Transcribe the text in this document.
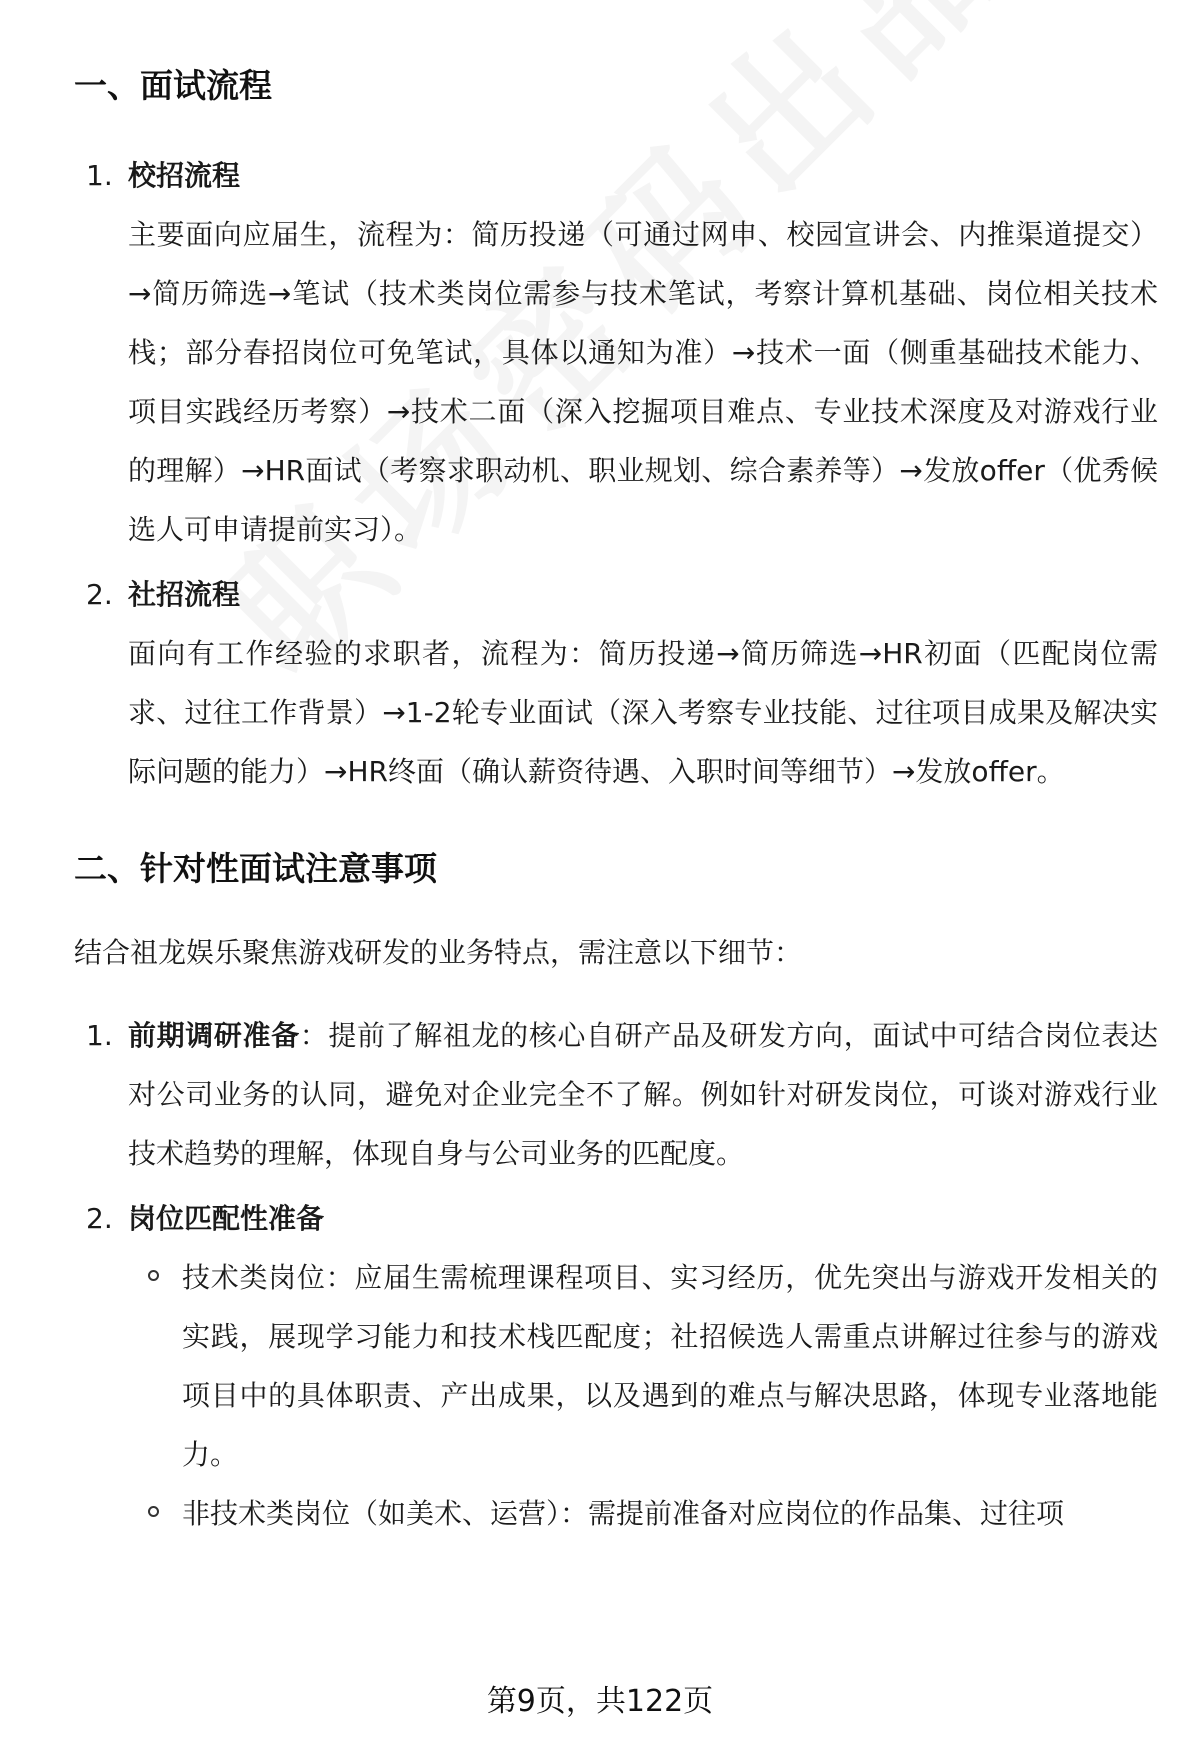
一、面试流程
1. 校招流程

主要面向应届生，流程为：简历投递（可通过网申、校园宣讲会、内推渠道提交）→简历筛选→笔试（技术类岗位需参与技术笔试，考察计算机基础、岗位相关技术栈；部分春招岗位可免笔试，具体以通知为准）→技术一面（侧重基础技术能力、项目实践经历考察）→技术二面（深入挖掘项目难点、专业技术深度及对游戏行业的理解）→HR面试（考察求职动机、职业规划、综合素养等）→发放offer（优秀候选人可申请提前实习）。

2. 社招流程

面向有工作经验的求职者，流程为：简历投递→简历筛选→HR初面（匹配岗位需求、过往工作背景）→1-2轮专业面试（深入考察专业技能、过往项目成果及解决实际问题的能力）→HR终面（确认薪资待遇、入职时间等细节）→发放offer。

二、针对性面试注意事项

结合祖龙娱乐聚焦游戏研发的业务特点，需注意以下细节：

1. 前期调研准备：提前了解祖龙的核心自研产品及研发方向，面试中可结合岗位表达对公司业务的认同，避免对企业完全不了解。例如针对研发岗位，可谈对游戏行业技术趋势的理解，体现自身与公司业务的匹配度。

2. 岗位匹配性准备

技术类岗位：应届生需梳理课程项目、实习经历，优先突出与游戏开发相关的实践，展现学习能力和技术栈匹配度；社招候选人需重点讲解过往参与的游戏项目中的具体职责、产出成果，以及遇到的难点与解决思路，体现专业落地能力。

非技术类岗位（如美术、运营）：需提前准备对应岗位的作品集、过往项

第9页，共122页
